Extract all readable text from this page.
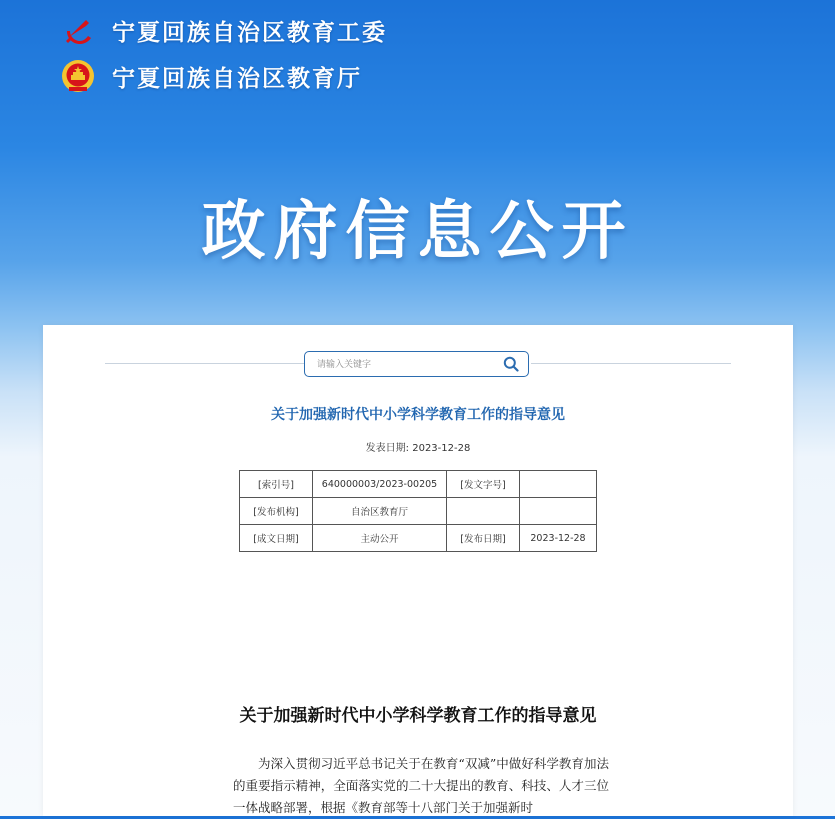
宁夏回族自治区教育工委
宁夏回族自治区教育厅
政府信息公开
请输入关键字
关于加强新时代中小学科学教育工作的指导意见
发表日期: 2023-12-28
[索引号]	640000003/2023-00205	[发文字号]	
[发布机构]	自治区教育厅		
[成文日期]	主动公开	[发布日期]	2023-12-28
关于加强新时代中小学科学教育工作的指导意见
为深入贯彻习近平总书记关于在教育“双减”中做好科学教育加法的重要指示精神，全面落实党的二十大提出的教育、科技、人才三位一体战略部署，根据《教育部等十八部门关于加强新时
